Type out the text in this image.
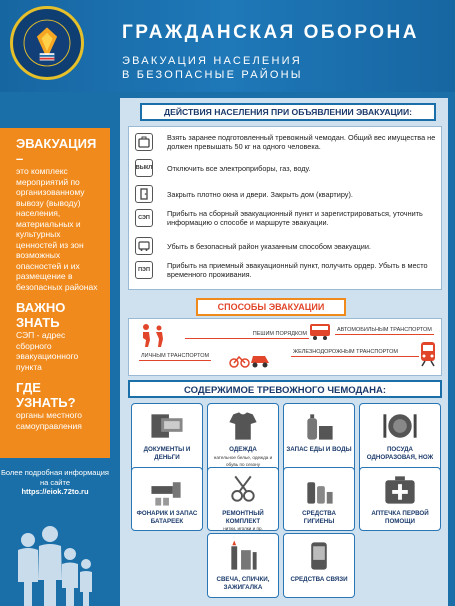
ГРАЖДАНСКАЯ ОБОРОНА
ЭВАКУАЦИЯ НАСЕЛЕНИЯ
В БЕЗОПАСНЫЕ РАЙОНЫ
ЭВАКУАЦИЯ –
это комплекс мероприятий по организованному вывозу (выводу) населения, материальных и культурных ценностей из зон возможных опасностей и их размещение в безопасных районах
ВАЖНО ЗНАТЬ
СЭП - адрес сборного эвакуационного пункта
ГДЕ УЗНАТЬ?
органы местного самоуправления
Более подробная информация на сайте
https://eiok.72to.ru
ДЕЙСТВИЯ НАСЕЛЕНИЯ ПРИ ОБЪЯВЛЕНИИ ЭВАКУАЦИИ:
Взять заранее подготовленный тревожный чемодан. Общий вес имущества не должен превышать 50 кг на одного человека.
ВЫКЛ Отключить все электроприборы, газ, воду.
Закрыть плотно окна и двери. Закрыть дом (квартиру).
СЭП	Прибыть на сборный эвакуационный пункт и зарегистрироваться, уточнить информацию о способе и маршруте эвакуации.
Убыть в безопасный район указанным способом эвакуации.
ПЭП	Прибыть на приемный эвакуационный пункт, получить ордер. Убыть в место временного проживания.
СПОСОБЫ ЭВАКУАЦИИ
ПЕШИМ ПОРЯДКОМ
АВТОМОБИЛЬНЫМ ТРАНСПОРТОМ
ЛИЧНЫМ ТРАНСПОРТОМ
ЖЕЛЕЗНОДОРОЖНЫМ ТРАНСПОРТОМ
СОДЕРЖИМОЕ ТРЕВОЖНОГО ЧЕМОДАНА:
ДОКУМЕНТЫ И ДЕНЬГИ
ОДЕЖДА
нательное белье, одежда и обувь по сезону
ЗАПАС ЕДЫ И ВОДЫ	ПОСУДА ОДНОРАЗОВАЯ, НОЖ
ФОНАРИК И ЗАПАС БАТАРЕЕК
РЕМОНТНЫЙ КОМПЛЕКТ
нитки, иголки и пр.
СРЕДСТВА ГИГИЕНЫ
АПТЕЧКА ПЕРВОЙ ПОМОЩИ
СВЕЧА, СПИЧКИ, ЗАЖИГАЛКА
СРЕДСТВА СВЯЗИ
